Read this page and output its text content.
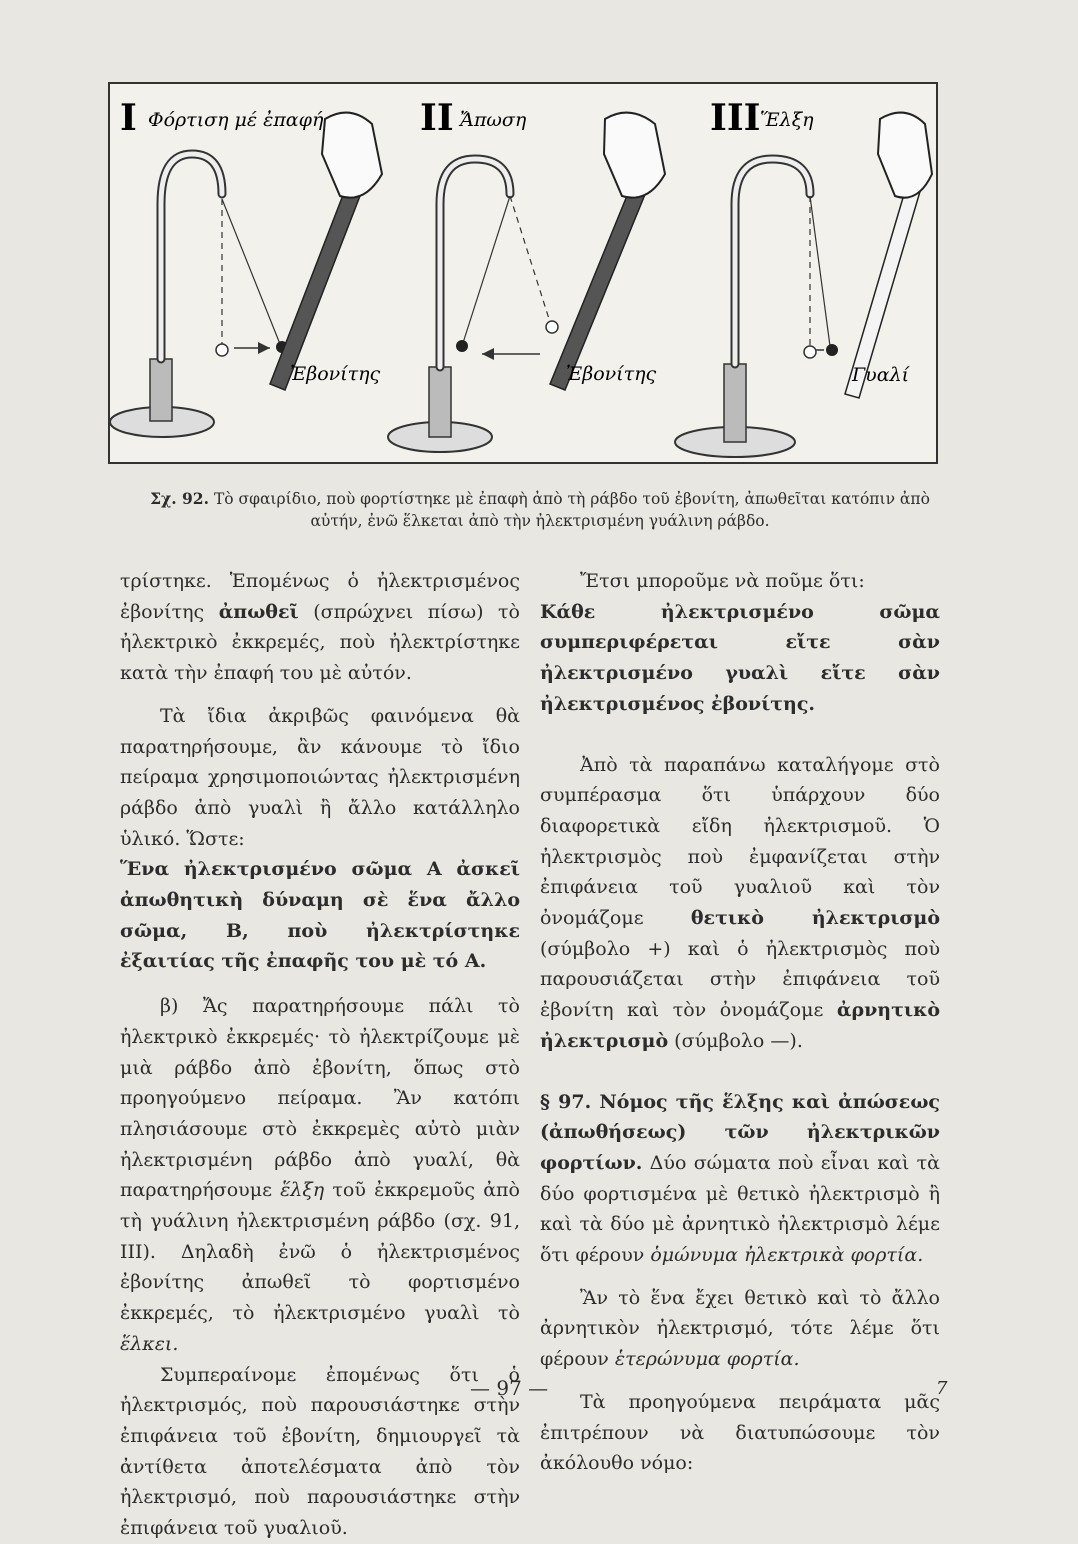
I Φόρτιση μέ ἐπαφή
Ἐβονίτης
II Ἄπωση
Ἐβονίτης
III Ἕλξη
Γυαλί
Σχ. 92. Τὸ σφαιρίδιο, ποὺ φορτίστηκε μὲ ἐπαφὴ ἀπὸ τὴ ράβδο τοῦ ἐβονίτη, ἀπωθεῖται κατόπιν ἀπὸ
αὐτήν, ἐνῶ ἕλκεται ἀπὸ τὴν ἠλεκτρισμένη γυάλινη ράβδο.

τρίστηκε. Ἑπομένως ὁ ἠλεκτρισμένος ἐβονίτης ἀπωθεῖ (σπρώχνει πίσω) τὸ ἠλεκτρικὸ ἐκκρεμές, ποὺ ἠλεκτρίστηκε κατὰ τὴν ἐπαφή του μὲ αὐτόν.

Τὰ ἴδια ἀκριβῶς φαινόμενα θὰ παρατηρήσουμε, ἂν κάνουμε τὸ ἴδιο πείραμα χρησιμοποιώντας ἠλεκτρισμένη ράβδο ἀπὸ γυαλὶ ἢ ἄλλο κατάλληλο ὑλικό. Ὥστε:

Ἕνα ἠλεκτρισμένο σῶμα Α ἀσκεῖ ἀπωθητικὴ δύναμη σὲ ἕνα ἄλλο σῶμα, Β, ποὺ ἠλεκτρίστηκε ἐξαιτίας τῆς ἐπαφῆς του μὲ τό Α.

β) Ἄς παρατηρήσουμε πάλι τὸ ἠλεκτρικὸ ἐκκρεμές· τὸ ἠλεκτρίζουμε μὲ μιὰ ράβδο ἀπὸ ἐβονίτη, ὅπως στὸ προηγούμενο πείραμα. Ἂν κατόπι πλησιάσουμε στὸ ἐκκρεμὲς αὐτὸ μιὰν ἠλεκτρισμένη ράβδο ἀπὸ γυαλί, θὰ παρατηρήσουμε ἕλξη τοῦ ἐκκρεμοῦς ἀπὸ τὴ γυάλινη ἠλεκτρισμένη ράβδο (σχ. 91, III). Δηλαδὴ ἐνῶ ὁ ἠλεκτρισμένος ἐβονίτης ἀπωθεῖ τὸ φορτισμένο ἐκκρεμές, τὸ ἠλεκτρισμένο γυαλὶ τὸ ἕλκει.

Συμπεραίνομε ἐπομένως ὅτι ὁ ἠλεκτρισμός, ποὺ παρουσιάστηκε στὴν ἐπιφάνεια τοῦ ἐβονίτη, δημιουργεῖ τὰ ἀντίθετα ἀποτελέσματα ἀπὸ τὸν ἠλεκτρισμό, ποὺ παρουσιάστηκε στὴν ἐπιφάνεια τοῦ γυαλιοῦ.

Ἔτσι μποροῦμε νὰ ποῦμε ὅτι:

Κάθε ἠλεκτρισμένο σῶμα συμπεριφέρεται εἴτε σὰν ἠλεκτρισμένο γυαλὶ εἴτε σὰν ἠλεκτρισμένος ἐβονίτης.

Ἀπὸ τὰ παραπάνω καταλήγομε στὸ συμπέρασμα ὅτι ὑπάρχουν δύο διαφορετικὰ εἴδη ἠλεκτρισμοῦ. Ὁ ἠλεκτρισμὸς ποὺ ἐμφανίζεται στὴν ἐπιφάνεια τοῦ γυαλιοῦ καὶ τὸν ὀνομάζομε θετικὸ ἠλεκτρισμὸ (σύμβολο +) καὶ ὁ ἠλεκτρισμὸς ποὺ παρουσιάζεται στὴν ἐπιφάνεια τοῦ ἐβονίτη καὶ τὸν ὀνομάζομε ἀρνητικὸ ἠλεκτρισμὸ (σύμβολο —).

§ 97. Νόμος τῆς ἕλξης καὶ ἀπώσεως (ἀπωθήσεως) τῶν ἠλεκτρικῶν φορτίων. Δύο σώματα ποὺ εἶναι καὶ τὰ δύο φορτισμένα μὲ θετικὸ ἠλεκτρισμὸ ἢ καὶ τὰ δύο μὲ ἀρνητικὸ ἠλεκτρισμὸ λέμε ὅτι φέρουν ὁμώνυμα ἠλεκτρικὰ φορτία.

Ἂν τὸ ἕνα ἔχει θετικὸ καὶ τὸ ἄλλο ἀρνητικὸν ἠλεκτρισμό, τότε λέμε ὅτι φέρουν ἑτερώνυμα φορτία.

Τὰ προηγούμενα πειράματα μᾶς ἐπιτρέπουν νὰ διατυπώσουμε τὸν ἀκόλουθο νόμο:

— 97 —	7
